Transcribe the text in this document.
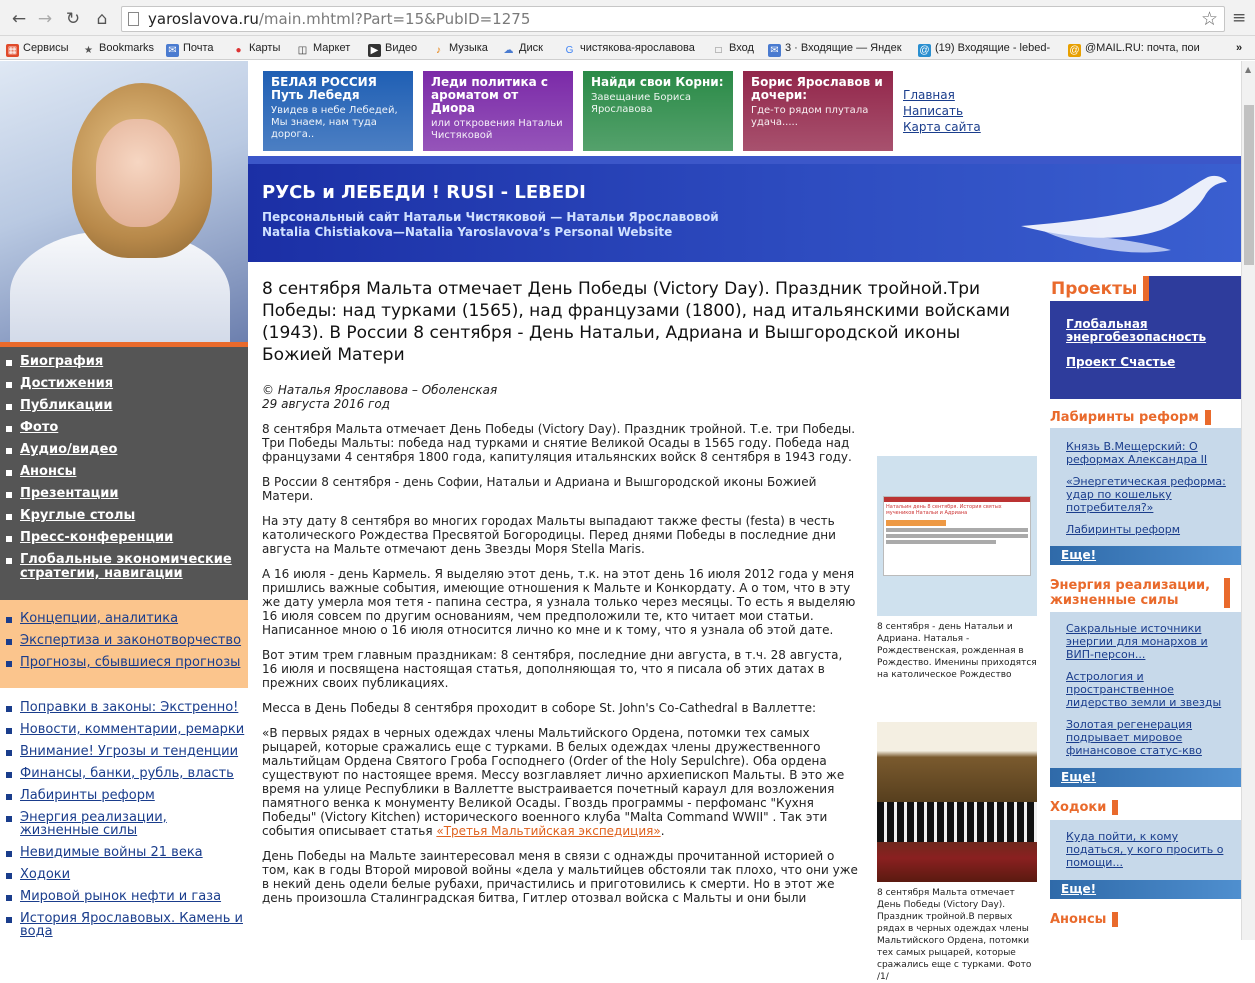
← → ↻ ⌂	yaroslavova.ru/main.mhtml?Part=15&PubID=1275	☆ ≡
▦ Сервисы ★ Bookmarks ✉ Почта	● Карты ◫ Маркет ▶ Видео	♪ Музыка ☁ Диск G чистякова-ярославова	□ Вход ✉ 3 · Входящие — Яндек	@ (19) Входящие - lebed-	@ @MAIL.RU: почта, пои	»
Биография
Достижения
Публикации
Фото
Аудио/видео
Анонсы
Презентации
Круглые столы
Пресс-конференции
Глобальные экономические стратегии, навигации
Концепции, аналитика
Экспертиза и законотворчество
Прогнозы, сбывшиеся прогнозы
Поправки в законы: Экстренно!
Новости, комментарии, ремарки
Внимание! Угрозы и тенденции
Финансы, банки, рубль, власть
Лабиринты реформ
Энергия реализации, жизненные силы
Невидимые войны 21 века
Ходоки
Мировой рынок нефти и газа
История Ярославовых. Камень и вода
БЕЛАЯ РОССИЯ Путь Лебедя
Увидев в небе Лебедей, Мы знаем, нам туда дорога..
Леди политика с ароматом от Диора
или откровения Натальи Чистяковой
Найди свои Корни:
Завещание Бориса Ярославова
Борис Ярославов и дочери:
Где-то рядом плутала удача.....
Главная
Написать
Карта сайта
РУСЬ и ЛЕБЕДИ ! RUSI - LEBEDI
Персональный сайт Натальи Чистяковой — Натальи Ярославовой
Natalia Chistiakova—Natalia Yaroslavova’s Personal Website
8 сентября Мальта отмечает День Победы (Victory Day). Праздник тройной.Три Победы: над турками (1565), над французами (1800), над итальянскими войсками (1943). В России 8 сентября - День Натальи, Адриана и Вышгородской иконы Божией Матери
© Наталья Ярославова – Оболенская
29 августа 2016 год

8 сентября Мальта отмечает День Победы (Victory Day). Праздник тройной. Т.е. три Победы. Три Победы Мальты: победа над турками и снятие Великой Осады в 1565 году. Победа над французами 4 сентября 1800 года, капитуляция итальянских войск 8 сентября в 1943 году.

В России 8 сентября - день Софии, Натальи и Адриана и Вышгородской иконы Божией Матери.

На эту дату 8 сентября во многих городах Мальты выпадают также фесты (festa) в честь католического Рождества Пресвятой Богородицы. Перед днями Победы в последние дни августа на Мальте отмечают день Звезды Моря Stella Maris.

А 16 июля - день Кармель. Я выделяю этот день, т.к. на этот день 16 июля 2012 года у меня пришлись важные события, имеющие отношения к Мальте и Конкордату. А о том, что в эту же дату умерла моя тетя - папина сестра, я узнала только через месяцы. То есть я выделяю 16 июля совсем по другим основаниям, чем предположили те, кто читает мои статьи. Написанное мною о 16 июля относится лично ко мне и к тому, что я узнала об этой дате.

Вот этим трем главным праздникам: 8 сентября, последние дни августа, в т.ч. 28 августа, 16 июля и посвящена настоящая статья, дополняющая то, что я писала об этих датах в прежних своих публикациях.

Месса в День Победы 8 сентября проходит в соборе St. John's Co-Cathedral в Валлетте:

«В первых рядах в черных одеждах члены Мальтийского Ордена, потомки тех самых рыцарей, которые сражались еще с турками. В белых одеждах члены дружественного мальтийцам Ордена Святого Гроба Господнего (Order of the Holy Sepulchre). Оба ордена существуют по настоящее время. Мессу возглавляет лично архиепископ Мальты. В это же время на улице Республики в Валлетте выстраивается почетный караул для возложения памятного венка к монументу Великой Осады. Гвоздь программы - перфоманс "Кухня Победы" (Victory Kitchen) исторического военного клуба "Malta Command WWII" . Так эти события описывает статья «Третья Мальтийская экспедиция».

День Победы на Мальте заинтересовал меня в связи с однажды прочитанной историей о том, как в годы Второй мировой войны «дела у мальтийцев обстояли так плохо, что они уже в некий день одели белые рубахи, причастились и приготовились к смерти. Но в этот же день произошла Сталинградская битва, Гитлер отозвал войска с Мальты и они были

Натальин день 8 сентября. История святых мучеников Натальи и Адриана
8 сентября - день Натальи и Адриана. Наталья - Рождественская, рожденная в Рождество. Именины приходятся на католическое Рождество
8 сентября Мальта отмечает День Победы (Victory Day). Праздник тройной.В первых рядах в черных одеждах члены Мальтийского Ордена, потомки тех самых рыцарей, которые сражались еще с турками. Фото /1/
Проекты
Глобальная энергобезопасность
Проект Счастье
Лабиринты реформ
Князь В.Мещерский: О реформах Александра II
«Энергетическая реформа: удар по кошельку потребителя?»
Лабиринты реформ
Еще!
Энергия реализации, жизненные силы
Сакральные источники энергии для монархов и ВИП-персон...
Астрология и пространственное лидерство земли и звезды
Золотая регенерация подрывает мировое финансовое статус-кво
Еще!
Ходоки
Куда пойти, к кому податься, у кого просить о помощи...
Еще!
Анонсы
▲
